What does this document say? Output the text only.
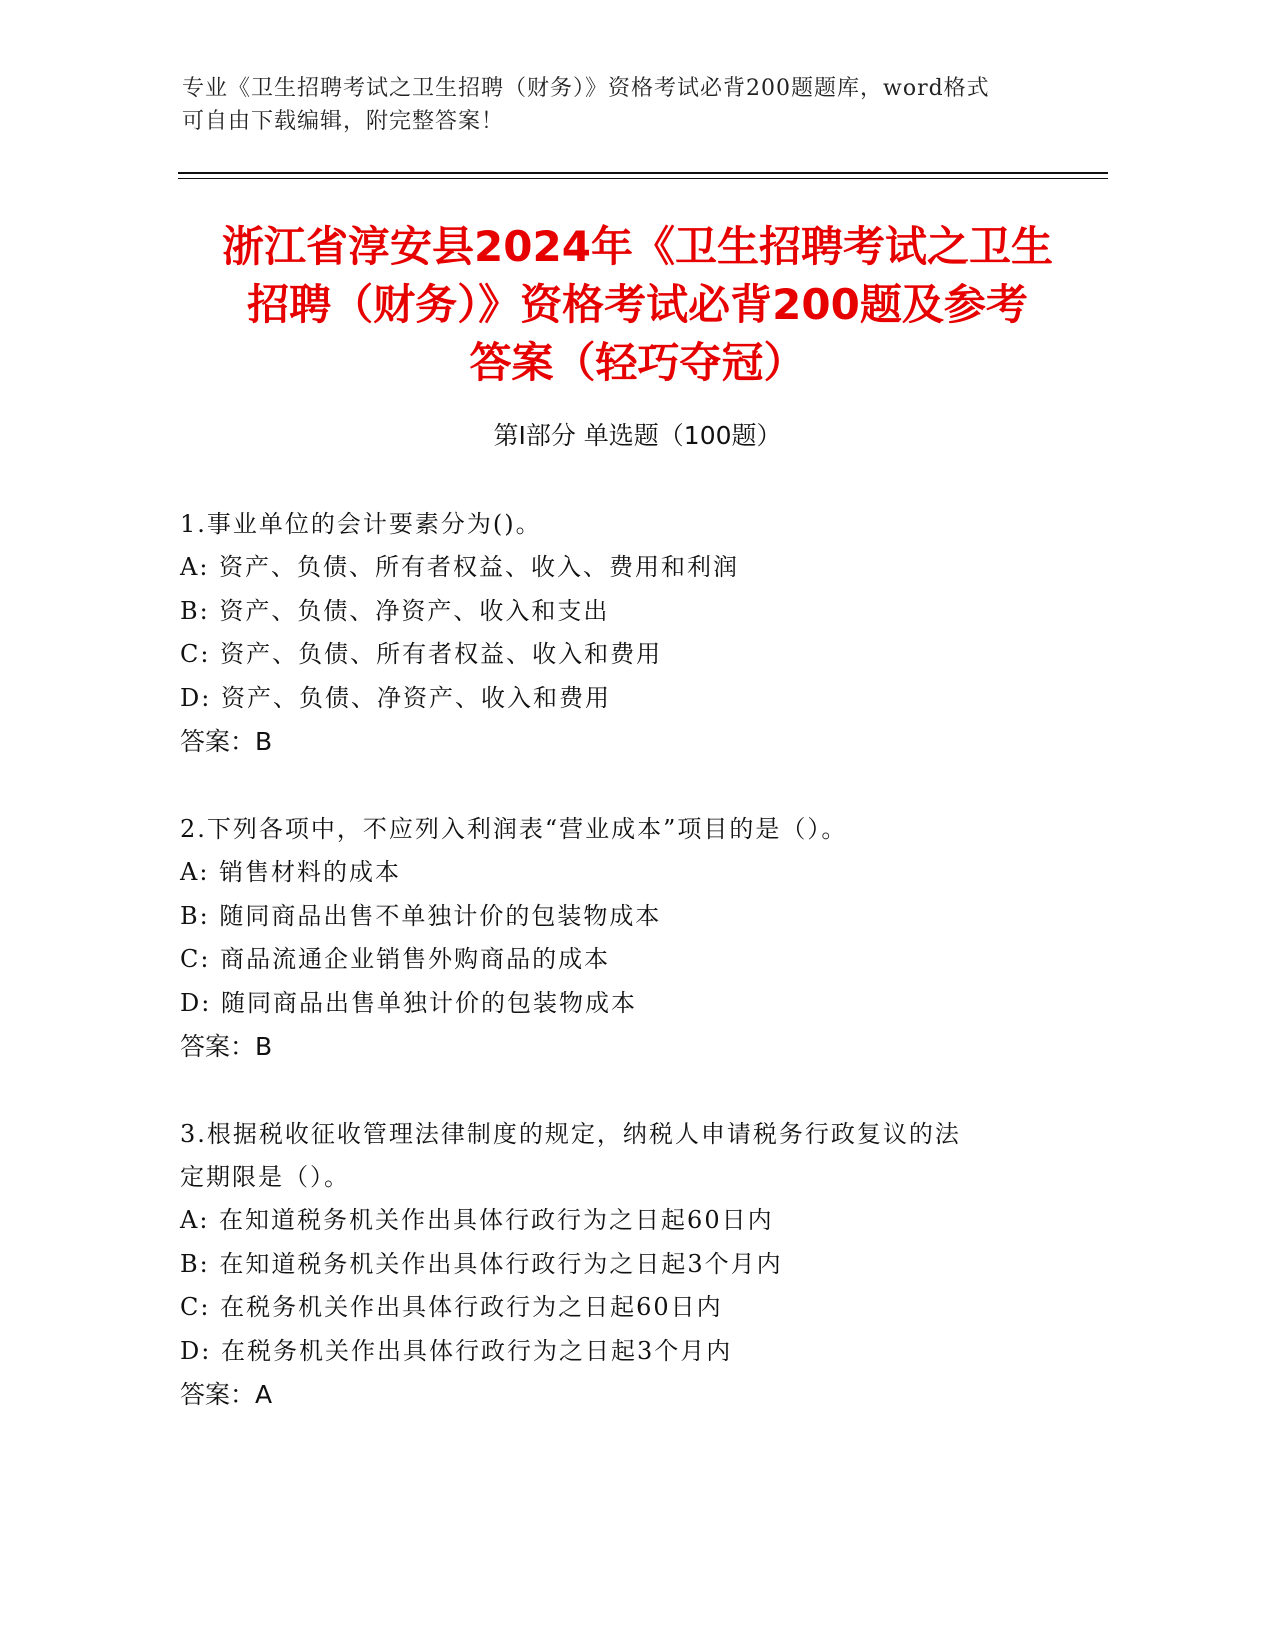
专业《卫生招聘考试之卫生招聘（财务）》资格考试必背200题题库，word格式
可自由下载编辑，附完整答案！
浙江省淳安县2024年《卫生招聘考试之卫生
招聘（财务）》资格考试必背200题及参考
答案（轻巧夺冠）
第Ⅰ部分 单选题（100题）
1.事业单位的会计要素分为()。
A: 资产、负债、所有者权益、收入、费用和利润
B: 资产、负债、净资产、收入和支出
C: 资产、负债、所有者权益、收入和费用
D: 资产、负债、净资产、收入和费用
答案：B
2.下列各项中，不应列入利润表“营业成本”项目的是（）。
A: 销售材料的成本
B: 随同商品出售不单独计价的包装物成本
C: 商品流通企业销售外购商品的成本
D: 随同商品出售单独计价的包装物成本
答案：B
3.根据税收征收管理法律制度的规定，纳税人申请税务行政复议的法
定期限是（）。
A: 在知道税务机关作出具体行政行为之日起60日内
B: 在知道税务机关作出具体行政行为之日起3个月内
C: 在税务机关作出具体行政行为之日起60日内
D: 在税务机关作出具体行政行为之日起3个月内
答案：A
